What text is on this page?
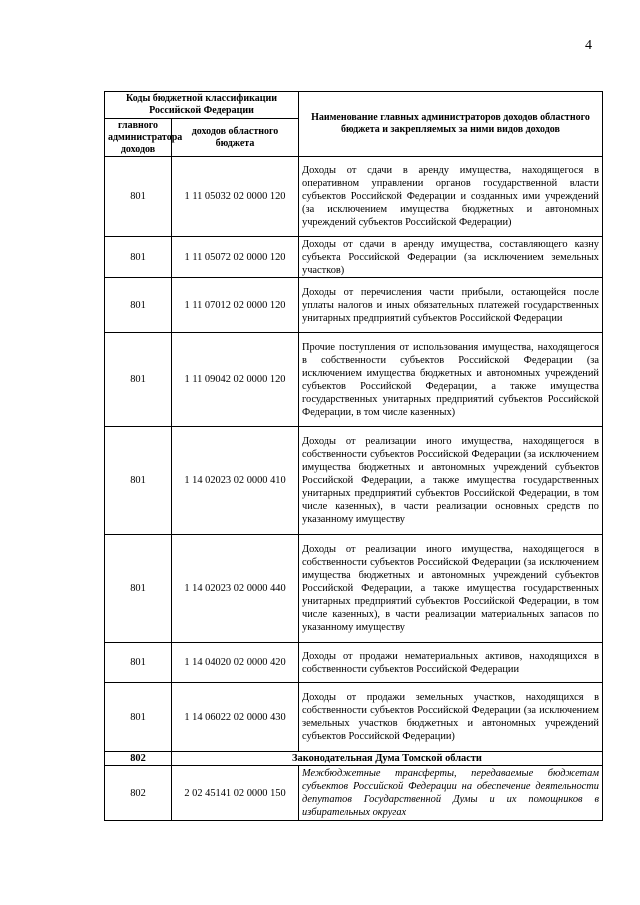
4
Коды бюджетной классификации Российской Федерации		Наименование главных администраторов доходов областного бюджета и закрепляемых за ними видов доходов
главного администратора доходов	доходов областного бюджета	
801	1 11 05032 02 0000 120	Доходы от сдачи в аренду имущества, находящегося в оперативном управлении органов государственной власти субъектов Российской Федерации и созданных ими учреждений (за исключением имущества бюджетных и автономных учреждений субъектов Российской Федерации)
801	1 11 05072 02 0000 120	Доходы от сдачи в аренду имущества, составляющего казну субъекта Российской Федерации (за исключением земельных участков)
801	1 11 07012 02 0000 120	Доходы от перечисления части прибыли, остающейся после уплаты налогов и иных обязательных платежей государственных унитарных предприятий субъектов Российской Федерации
801	1 11 09042 02 0000 120	Прочие поступления от использования имущества, находящегося в собственности субъектов Российской Федерации (за исключением имущества бюджетных и автономных учреждений субъектов Российской Федерации, а также имущества государственных унитарных предприятий субъектов Российской Федерации, в том числе казенных)
801	1 14 02023 02 0000 410	Доходы от реализации иного имущества, находящегося в собственности субъектов Российской Федерации (за исключением имущества бюджетных и автономных учреждений субъектов Российской Федерации, а также имущества государственных унитарных предприятий субъектов Российской Федерации, в том числе казенных), в части реализации основных средств по указанному имуществу
801	1 14 02023 02 0000 440	Доходы от реализации иного имущества, находящегося в собственности субъектов Российской Федерации (за исключением имущества бюджетных и автономных учреждений субъектов Российской Федерации, а также имущества государственных унитарных предприятий субъектов Российской Федерации, в том числе казенных), в части реализации материальных запасов по указанному имуществу
801	1 14 04020 02 0000 420	Доходы от продажи нематериальных активов, находящихся в собственности субъектов Российской Федерации
801	1 14 06022 02 0000 430	Доходы от продажи земельных участков, находящихся в собственности субъектов Российской Федерации (за исключением земельных участков бюджетных и автономных учреждений субъектов Российской Федерации)
802	Законодательная Дума Томской области	
802	2 02 45141 02 0000 150	Межбюджетные трансферты, передаваемые бюджетам субъектов Российской Федерации на обеспечение деятельности депутатов Государственной Думы и их помощников в избирательных округах
